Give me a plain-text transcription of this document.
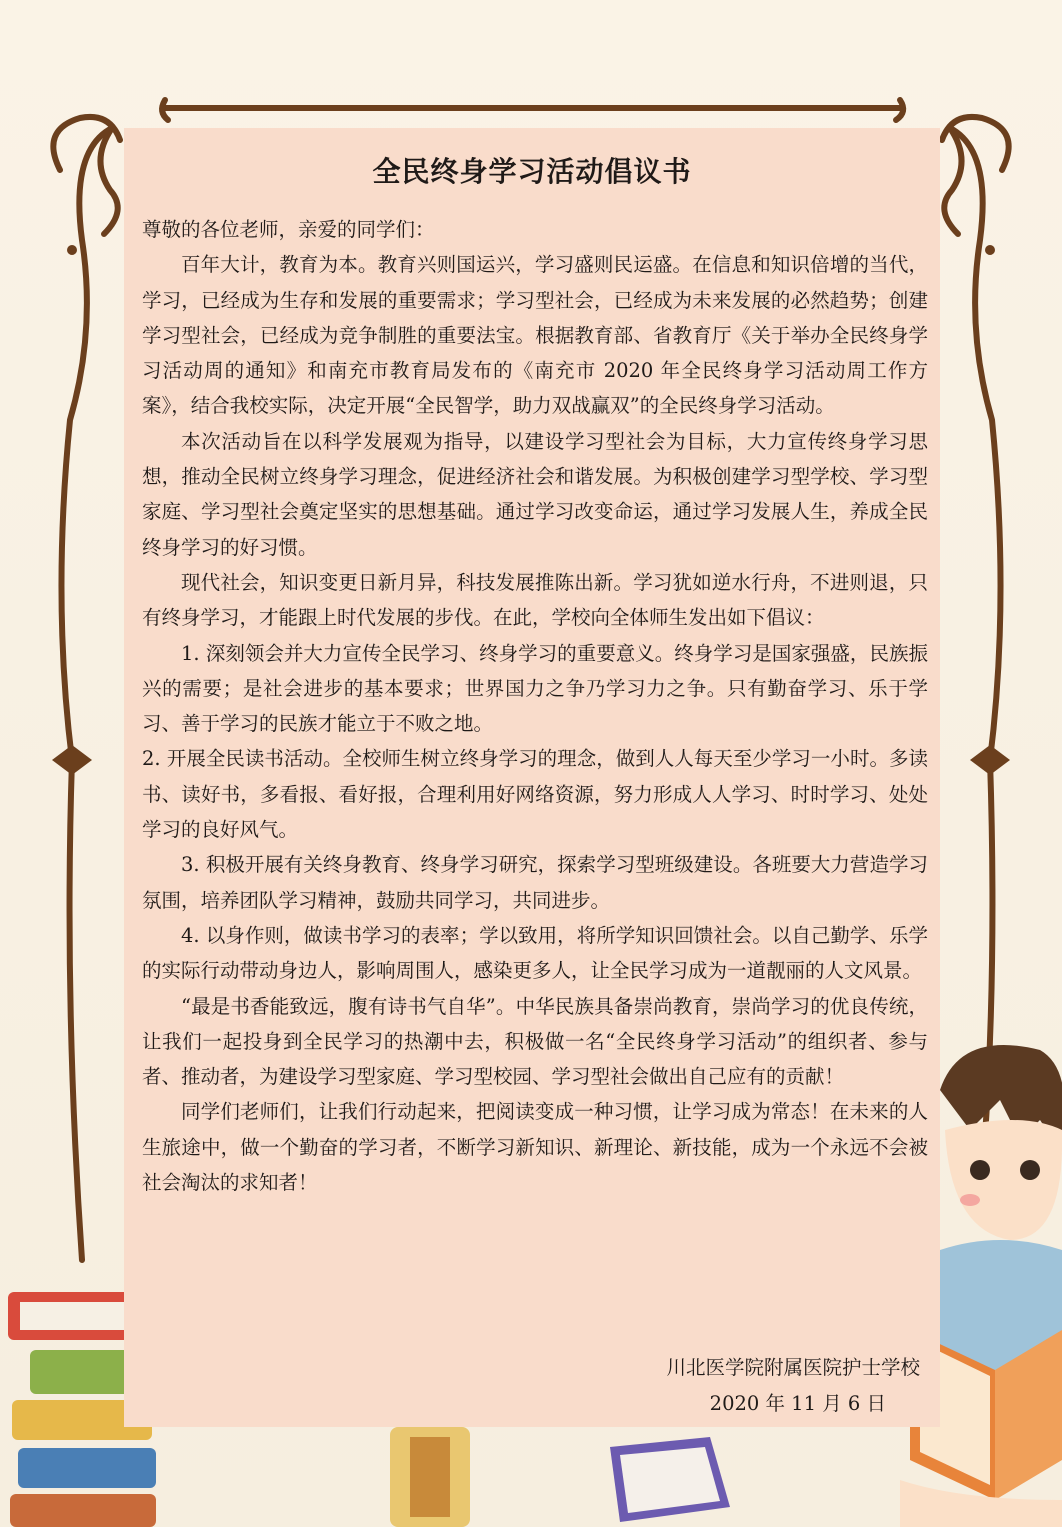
全民终身学习活动倡议书

尊敬的各位老师，亲爱的同学们：

百年大计，教育为本。教育兴则国运兴，学习盛则民运盛。在信息和知识倍增的当代，学习，已经成为生存和发展的重要需求；学习型社会，已经成为未来发展的必然趋势；创建学习型社会，已经成为竞争制胜的重要法宝。根据教育部、省教育厅《关于举办全民终身学习活动周的通知》和南充市教育局发布的《南充市 2020 年全民终身学习活动周工作方案》，结合我校实际，决定开展“全民智学，助力双战赢双”的全民终身学习活动。

本次活动旨在以科学发展观为指导，以建设学习型社会为目标，大力宣传终身学习思想，推动全民树立终身学习理念，促进经济社会和谐发展。为积极创建学习型学校、学习型家庭、学习型社会奠定坚实的思想基础。通过学习改变命运，通过学习发展人生，养成全民终身学习的好习惯。

现代社会，知识变更日新月异，科技发展推陈出新。学习犹如逆水行舟，不进则退，只有终身学习，才能跟上时代发展的步伐。在此，学校向全体师生发出如下倡议：

1. 深刻领会并大力宣传全民学习、终身学习的重要意义。终身学习是国家强盛，民族振兴的需要；是社会进步的基本要求；世界国力之争乃学习力之争。只有勤奋学习、乐于学习、善于学习的民族才能立于不败之地。

2. 开展全民读书活动。全校师生树立终身学习的理念，做到人人每天至少学习一小时。多读书、读好书，多看报、看好报，合理利用好网络资源，努力形成人人学习、时时学习、处处学习的良好风气。

3. 积极开展有关终身教育、终身学习研究，探索学习型班级建设。各班要大力营造学习氛围，培养团队学习精神，鼓励共同学习，共同进步。

4. 以身作则，做读书学习的表率；学以致用，将所学知识回馈社会。以自己勤学、乐学的实际行动带动身边人，影响周围人，感染更多人，让全民学习成为一道靓丽的人文风景。

“最是书香能致远，腹有诗书气自华”。中华民族具备崇尚教育，崇尚学习的优良传统，让我们一起投身到全民学习的热潮中去，积极做一名“全民终身学习活动”的组织者、参与者、推动者，为建设学习型家庭、学习型校园、学习型社会做出自己应有的贡献！

同学们老师们，让我们行动起来，把阅读变成一种习惯，让学习成为常态！在未来的人生旅途中，做一个勤奋的学习者，不断学习新知识、新理论、新技能，成为一个永远不会被社会淘汰的求知者！

川北医学院附属医院护士学校
2020 年 11 月 6 日
